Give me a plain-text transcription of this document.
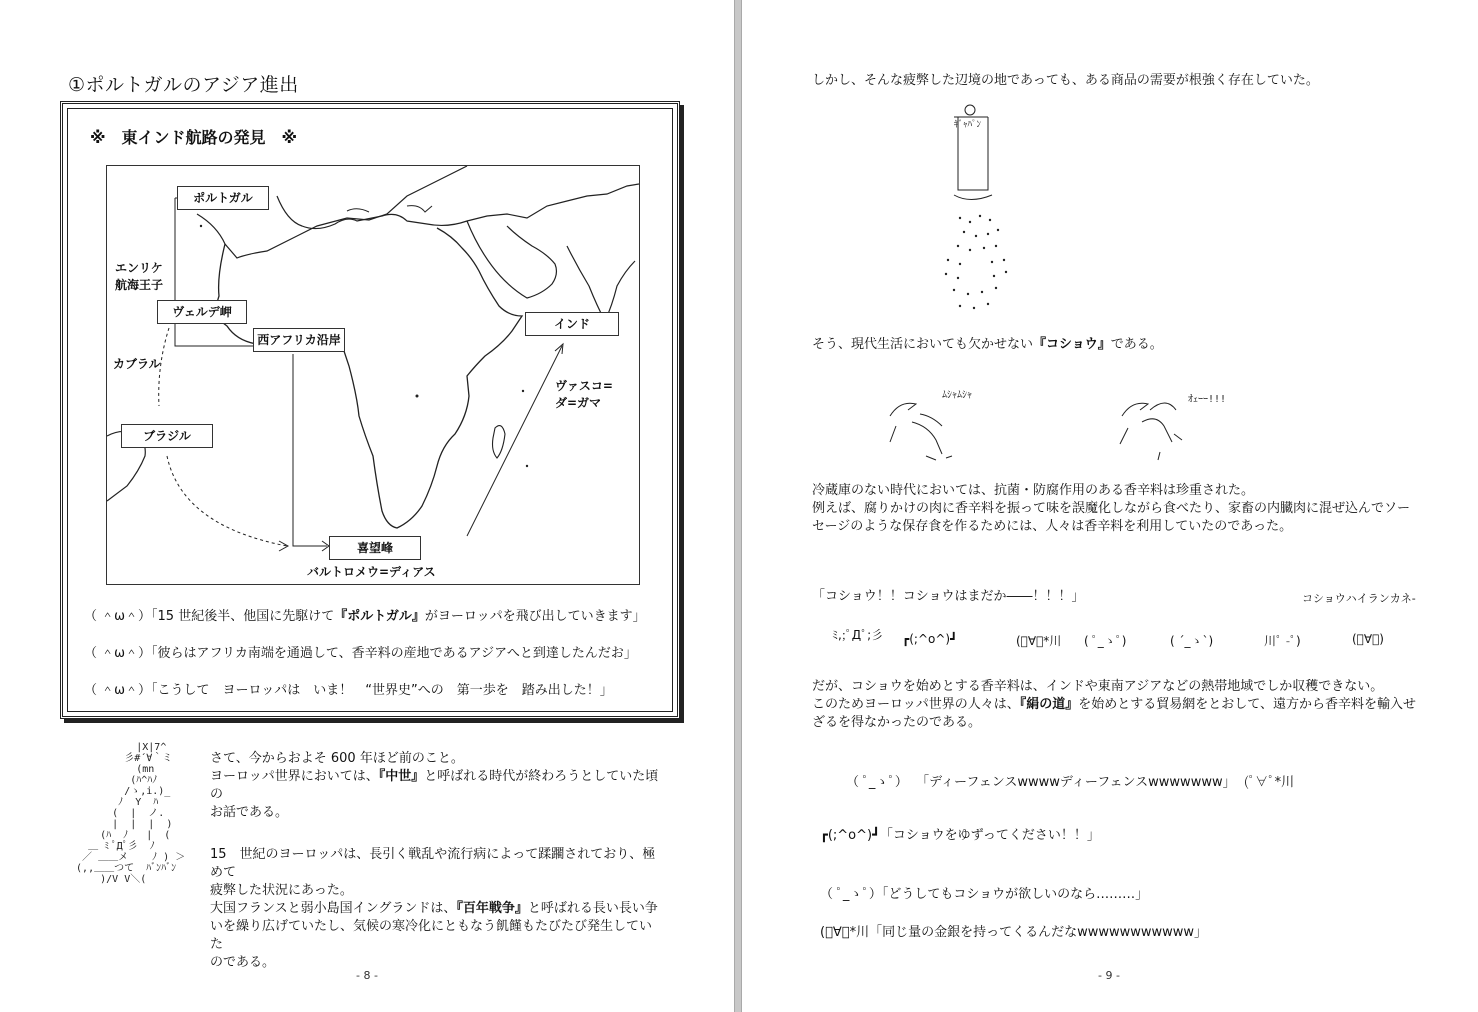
①ポルトガルのアジア進出
※　東インド航路の発見　※
ポルトガル
エンリケ
航海王子
ヴェルデ岬
西アフリカ沿岸
インド
カブラル
ブラジル
ヴァスコ=
ダ=ガマ
喜望峰
バルトロメウ=ディアス
（ ＾ω＾）「15 世紀後半、他国に先駆けて『ポルトガル』がヨーロッパを飛び出していきます」
（ ＾ω＾）「彼らはアフリカ南端を通過して、香辛料の産地であるアジアへと到達したんだお」
（ ＾ω＾）「こうして　ヨーロッパは　いま！　“世界史”への　第一歩を　踏み出した！」
|X|7^
彡#´∀｀ミ
(mn
(ﾊ^ﾊﾉ
/ゝ,i.)_
ﾉ  Y  ﾊ
(  |  ノ.
|  |  |  )
(ﾊ  ﾉ   |  (
＿ ﾐ ﾟДﾟ彡  ﾉ
／ ＿＿メ    ﾉ ) ＞
(,,＿＿つて  ﾊﾞﾝﾊﾞﾝ
)/V V＼(
さて、今からおよそ 600 年ほど前のこと。
ヨーロッパ世界においては、『中世』と呼ばれる時代が終わろうとしていた頃の
お話である。
15　世紀のヨーロッパは、長引く戦乱や流行病によって蹂躙されており、極めて
疲弊した状況にあった。
大国フランスと弱小島国イングランドは、『百年戦争』と呼ばれる長い長い争
いを繰り広げていたし、気候の寒冷化にともなう飢饉もたびたび発生していた
のである。
- 8 -
しかし、そんな疲弊した辺境の地であっても、ある商品の需要が根強く存在していた。
ｷﾞｬﾊﾟﾝ
そう、現代生活においても欠かせない『コショウ』である。
ﾑｼｬﾑｼｬ	ｵｪｰｰ!!!
冷蔵庫のない時代においては、抗菌・防腐作用のある香辛料は珍重された。
例えば、腐りかけの肉に香辛料を振って味を誤魔化しながら食べたり、家畜の内臓肉に混ぜ込んでソー
セージのような保存食を作るためには、人々は香辛料を利用していたのであった。
「コショウ！！コショウはまだか――！！！」	コショウハイランカネ-
ﾐ,;ﾟДﾟ;彡 ┏(;^o^)┛	(ﾟ∀ﾟ*川 ( ﾟ_ゝﾟ)	( ´_ゝ`)	川ﾟ -ﾟ)	(ﾟ∀ﾟ)
だが、コショウを始めとする香辛料は、インドや東南アジアなどの熱帯地域でしか収穫できない。
このためヨーロッパ世界の人々は、『絹の道』を始めとする貿易網をとおして、遠方から香辛料を輸入せ
ざるを得なかったのである。
（ ﾟ_ゝﾟ） 「ディーフェンスwwwwディーフェンスwwwwwww」 (ﾟ∀ﾟ*川
┏(;^o^)┛「コショウをゆずってください！！」
（ ﾟ_ゝﾟ）「どうしてもコショウが欲しいのなら………」
(ﾟ∀ﾟ*川「同じ量の金銀を持ってくるんだなwwwwwwwwwww」
- 9 -
